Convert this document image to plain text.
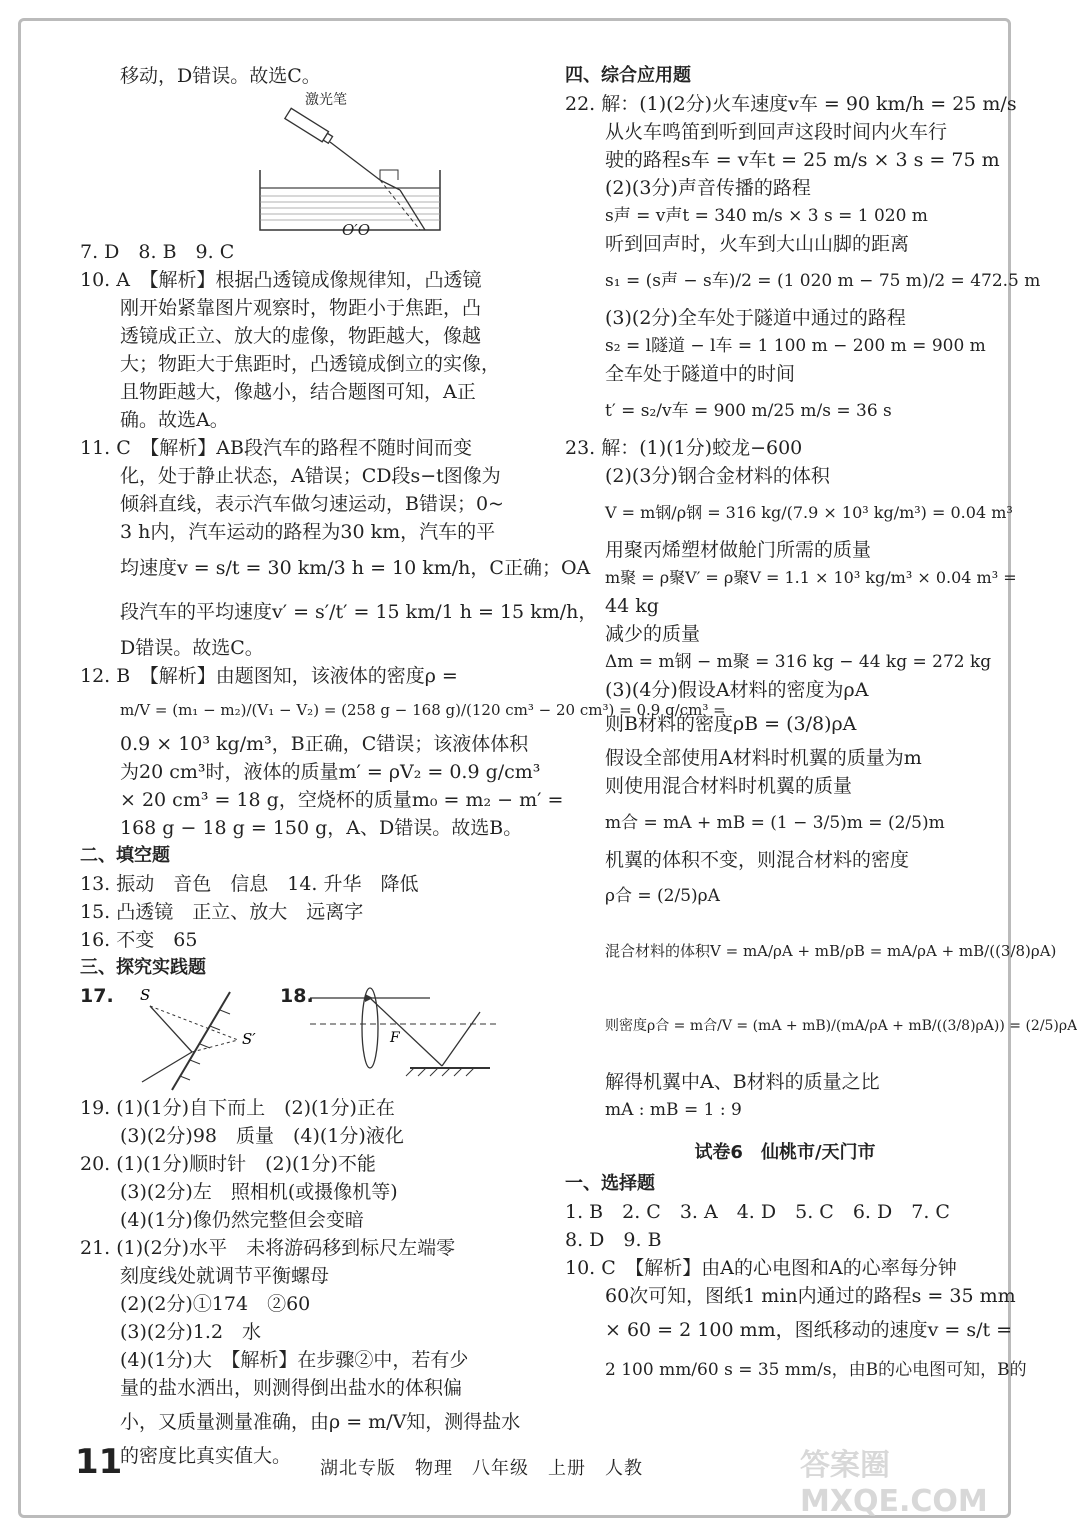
移动，D错误。故选C。
激光笔
O′O
7. D　8. B　9. C
10. A　【解析】根据凸透镜成像规律知，凸透镜
刚开始紧靠图片观察时，物距小于焦距，凸
透镜成正立、放大的虚像，物距越大，像越
大；物距大于焦距时，凸透镜成倒立的实像，
且物距越大，像越小，结合题图可知，A正
确。故选A。
11. C　【解析】AB段汽车的路程不随时间而变
化，处于静止状态，A错误；CD段s−t图像为
倾斜直线，表示汽车做匀速运动，B错误；0~
3 h内，汽车运动的路程为30 km，汽车的平
均速度v = s/t = 30 km/3 h = 10 km/h，C正确；OA
段汽车的平均速度v′ = s′/t′ = 15 km/1 h = 15 km/h，
D错误。故选C。
12. B　【解析】由题图知，该液体的密度ρ =
m/V = (m₁ − m₂)/(V₁ − V₂) = (258 g − 168 g)/(120 cm³ − 20 cm³) = 0.9 g/cm³ =
0.9 × 10³ kg/m³，B正确，C错误；该液体体积
为20 cm³时，液体的质量m′ = ρV₂ = 0.9 g/cm³
× 20 cm³ = 18 g，空烧杯的质量m₀ = m₂ − m′ =
168 g − 18 g = 150 g，A、D错误。故选B。
二、填空题
13. 振动　音色　信息　14. 升华　降低
15. 凸透镜　正立、放大　远离字
16. 不变　65
三、探究实践题
17. S
S′
18.
F
19. (1)(1分)自下而上　(2)(1分)正在
(3)(2分)98　质量　(4)(1分)液化
20. (1)(1分)顺时针　(2)(1分)不能
(3)(2分)左　照相机(或摄像机等)
(4)(1分)像仍然完整但会变暗
21. (1)(2分)水平　未将游码移到标尺左端零
刻度线处就调节平衡螺母
(2)(2分)①174　②60
(3)(2分)1.2　水
(4)(1分)大　【解析】在步骤②中，若有少
量的盐水洒出，则测得倒出盐水的体积偏
小，又质量测量准确，由ρ = m/V知，测得盐水
的密度比真实值大。
四、综合应用题
22. 解：(1)(2分)火车速度v车 = 90 km/h = 25 m/s
从火车鸣笛到听到回声这段时间内火车行
驶的路程s车 = v车t = 25 m/s × 3 s = 75 m
(2)(3分)声音传播的路程
s声 = v声t = 340 m/s × 3 s = 1 020 m
听到回声时，火车到大山山脚的距离
s₁ = (s声 − s车)/2 = (1 020 m − 75 m)/2 = 472.5 m
(3)(2分)全车处于隧道中通过的路程
s₂ = l隧道 − l车 = 1 100 m − 200 m = 900 m
全车处于隧道中的时间
t′ = s₂/v车 = 900 m/25 m/s = 36 s
23. 解：(1)(1分)蛟龙−600
(2)(3分)钢合金材料的体积
V = m钢/ρ钢 = 316 kg/(7.9 × 10³ kg/m³) = 0.04 m³
用聚丙烯塑材做舱门所需的质量
m聚 = ρ聚V′ = ρ聚V = 1.1 × 10³ kg/m³ × 0.04 m³ =
44 kg
减少的质量
Δm = m钢 − m聚 = 316 kg − 44 kg = 272 kg
(3)(4分)假设A材料的密度为ρA
则B材料的密度ρB = (3/8)ρA
假设全部使用A材料时机翼的质量为m
则使用混合材料时机翼的质量
m合 = mA + mB = (1 − 3/5)m = (2/5)m
机翼的体积不变，则混合材料的密度
ρ合 = (2/5)ρA
混合材料的体积V = mA/ρA + mB/ρB = mA/ρA + mB/((3/8)ρA)
则密度ρ合 = m合/V = (mA + mB)/(mA/ρA + mB/((3/8)ρA)) = (2/5)ρA
解得机翼中A、B材料的质量之比
mA : mB = 1 : 9
试卷6　仙桃市/天门市
一、选择题
1. B　2. C　3. A　4. D　5. C　6. D　7. C
8. D　9. B
10. C　【解析】由A的心电图和A的心率每分钟
60次可知，图纸1 min内通过的路程s = 35 mm
× 60 = 2 100 mm，图纸移动的速度v = s/t =
2 100 mm/60 s = 35 mm/s，由B的心电图可知，B的
11	湖北专版　物理　八年级　上册　人教	答案圈 MXQE.COM
